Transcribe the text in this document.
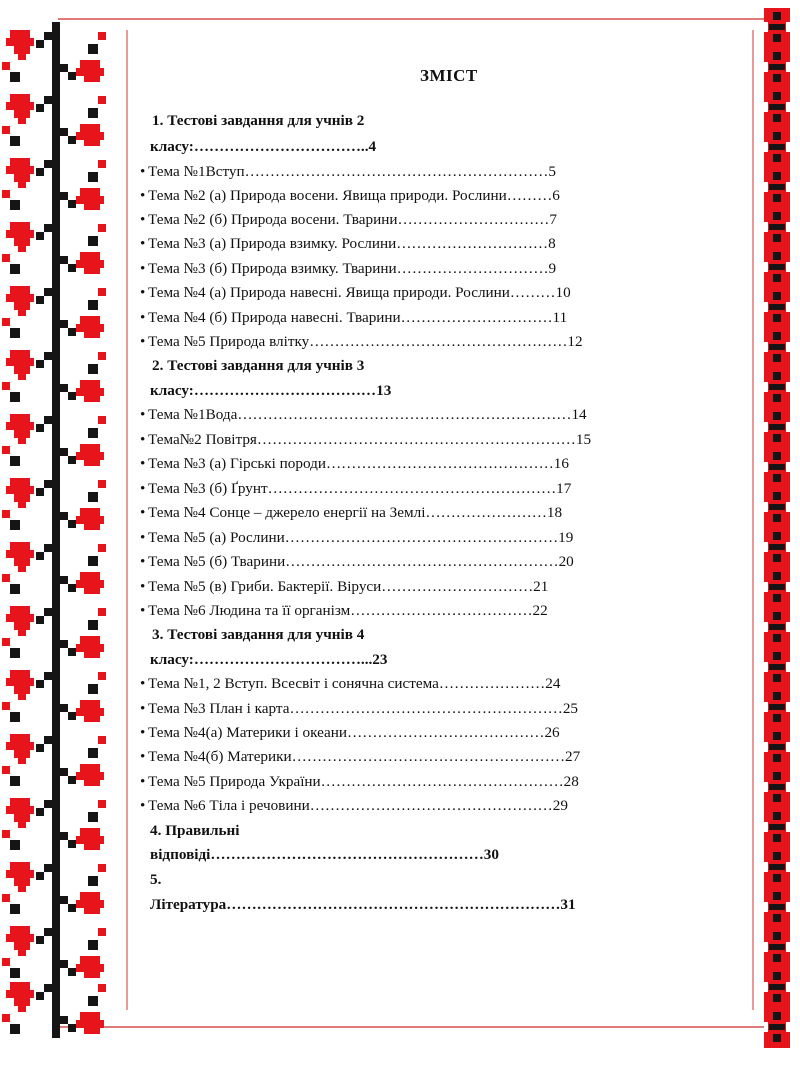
ЗМІСТ
1. Тестові завдання для учнів 2
класу:……………………………..4
• Тема №1Вступ……………………………………………………5
• Тема №2 (а) Природа восени. Явища природи. Рослини………6
• Тема №2 (б) Природа восени. Тварини…………………………7
• Тема №3 (а) Природа взимку. Рослини…………………………8
• Тема №3 (б) Природа взимку. Тварини…………………………9
• Тема №4 (а) Природа навесні. Явища природи. Рослини………10
• Тема №4 (б) Природа навесні. Тварини…………………………11
• Тема №5 Природа влітку……………………………………………12
2. Тестові завдання для учнів 3
класу:………………………………13
• Тема №1Вода…………………………………………………………14
• Тема№2 Повітря………………………………………………………15
• Тема №3 (а) Гірські породи………………………………………16
• Тема №3 (б) Ґрунт…………………………………………………17
• Тема №4 Сонце – джерело енергії на Землі……………………18
• Тема №5 (а) Рослини………………………………………………19
• Тема №5 (б) Тварини………………………………………………20
• Тема №5 (в) Гриби. Бактерії. Віруси…………………………21
• Тема №6 Людина та її організм………………………………22
3. Тестові завдання для учнів 4
класу:……………………………...23
• Тема №1, 2 Вступ. Всесвіт і сонячна система…………………24
• Тема №3 План і карта………………………………………………25
• Тема №4(а) Материки і океани…………………………………26
• Тема №4(б) Материки………………………………………………27
• Тема №5 Природа України…………………………………………28
• Тема №6 Тіла і речовини…………………………………………29
4. Правильні
відповіді………………………………………………30
5.
Література…………………………………………………………31
